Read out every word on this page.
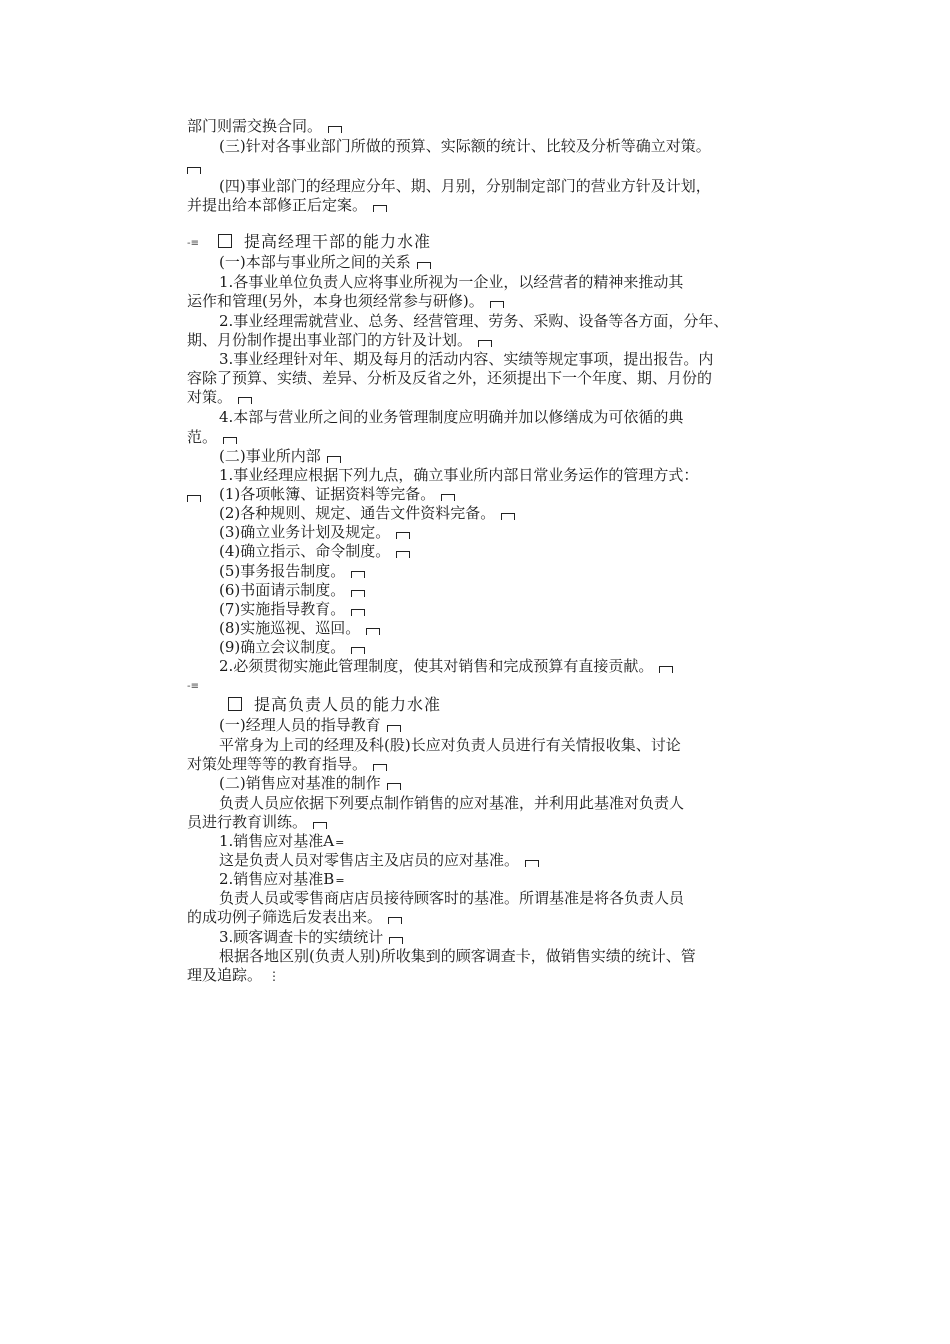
部门则需交换合同。
(三)针对各事业部门所做的预算、实际额的统计、比较及分析等确立对策。
(四)事业部门的经理应分年、期、月别，分别制定部门的营业方针及计划，
并提出给本部修正后定案。
-≡	提高经理干部的能力水准
(一)本部与事业所之间的关系
1.各事业单位负责人应将事业所视为一企业，以经营者的精神来推动其
运作和管理(另外，本身也须经常参与研修)。
2.事业经理需就营业、总务、经营管理、劳务、采购、设备等各方面，分年、
期、月份制作提出事业部门的方针及计划。
3.事业经理针对年、期及每月的活动内容、实绩等规定事项，提出报告。内
容除了预算、实绩、差异、分析及反省之外，还须提出下一个年度、期、月份的
对策。
4.本部与营业所之间的业务管理制度应明确并加以修缮成为可依循的典
范。
(二)事业所内部
1.事业经理应根据下列九点，确立事业所内部日常业务运作的管理方式：
(1)各项帐簿、证据资料等完备。
(2)各种规则、规定、通告文件资料完备。
(3)确立业务计划及规定。
(4)确立指示、命令制度。
(5)事务报告制度。
(6)书面请示制度。
(7)实施指导教育。
(8)实施巡视、巡回。
(9)确立会议制度。
2.必须贯彻实施此管理制度，使其对销售和完成预算有直接贡献。
-≡
提高负责人员的能力水准
(一)经理人员的指导教育
平常身为上司的经理及科(股)长应对负责人员进行有关情报收集、讨论
对策处理等等的教育指导。
(二)销售应对基准的制作
负责人员应依据下列要点制作销售的应对基准，并利用此基准对负责人
员进行教育训练。
1.销售应对基准A=
这是负责人员对零售店主及店员的应对基准。
2.销售应对基准B=
负责人员或零售商店店员接待顾客时的基准。所谓基准是将各负责人员
的成功例子筛选后发表出来。
3.顾客调查卡的实绩统计
根据各地区别(负责人别)所收集到的顾客调查卡，做销售实绩的统计、管
理及追踪。 ⋮
